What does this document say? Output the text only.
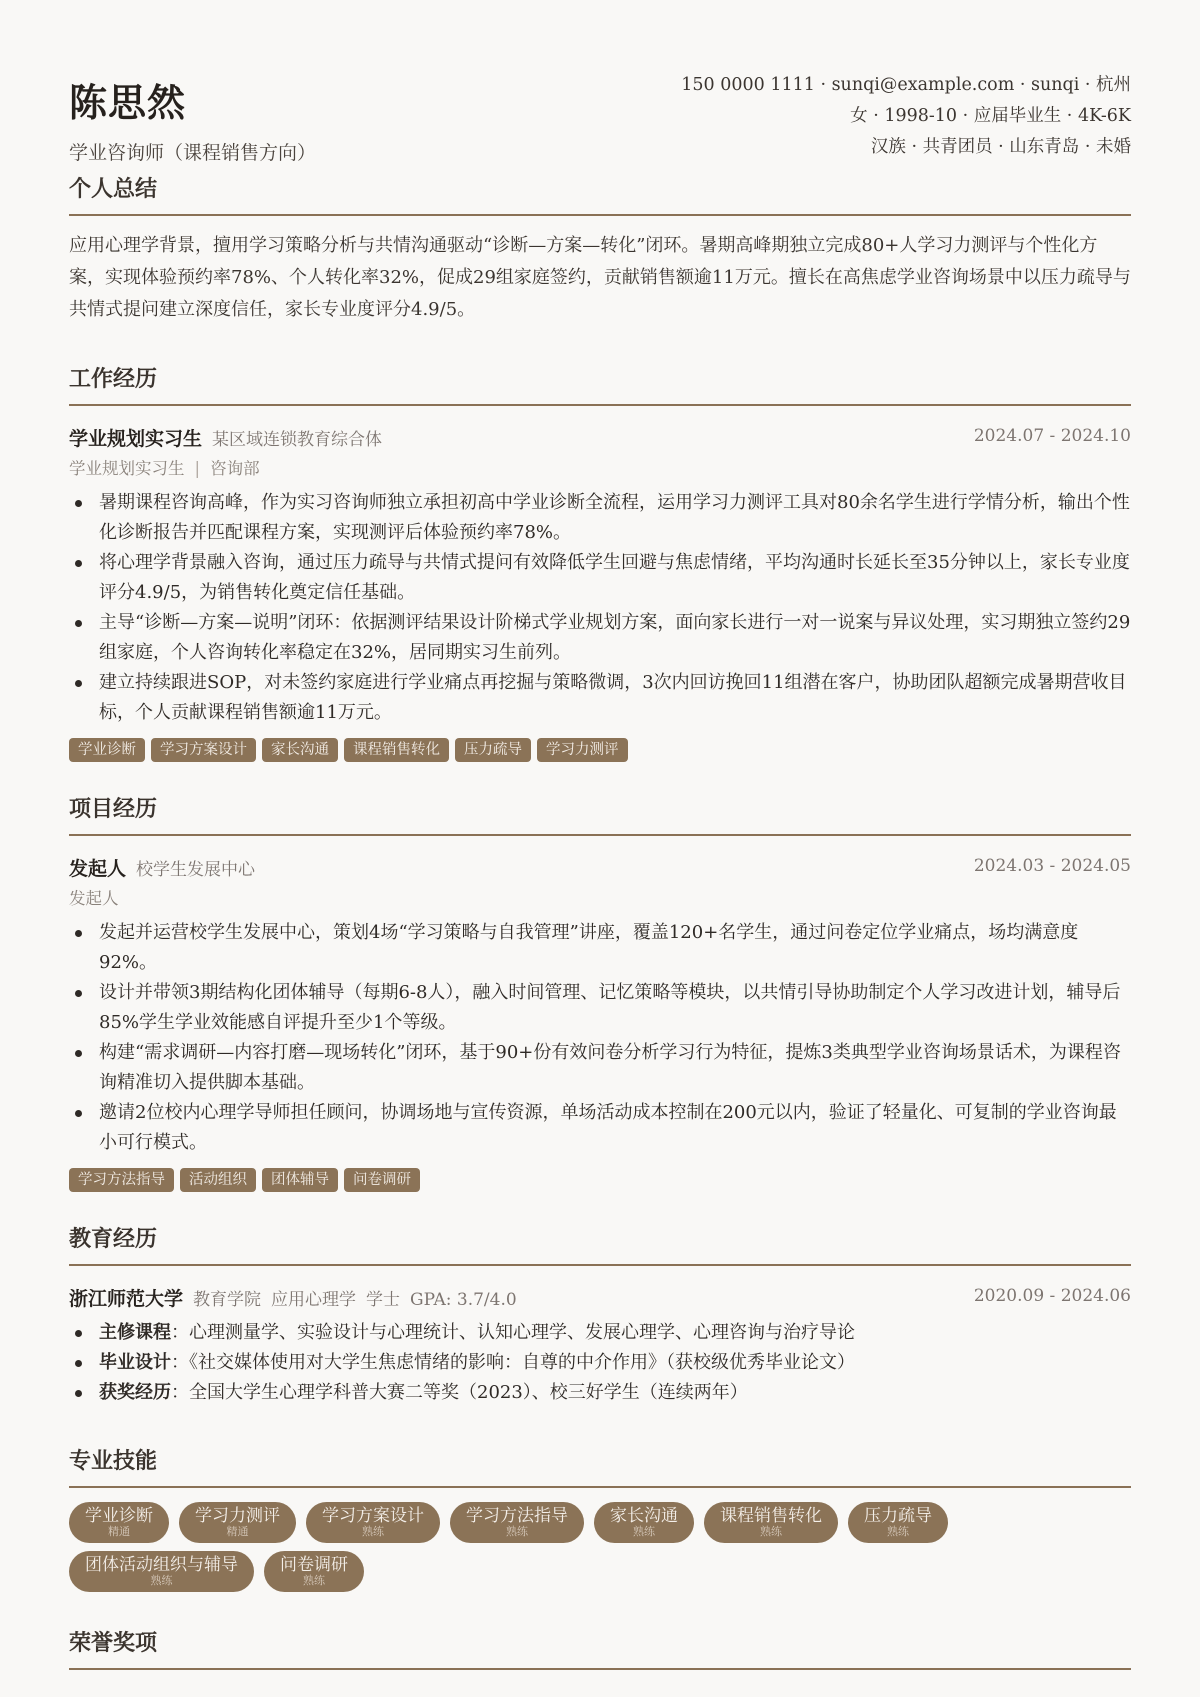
陈思然
学业咨询师（课程销售方向）
150 0000 1111 · sunqi@example.com · sunqi · 杭州
女 · 1998-10 · 应届毕业生 · 4K-6K
汉族 · 共青团员 · 山东青岛 · 未婚
个人总结
应用心理学背景，擅用学习策略分析与共情沟通驱动“诊断—方案—转化”闭环。暑期高峰期独立完成80+人学习力测评与个性化方案，实现体验预约率78%、个人转化率32%，促成29组家庭签约，贡献销售额逾11万元。擅长在高焦虑学业咨询场景中以压力疏导与共情式提问建立深度信任，家长专业度评分4.9/5。
工作经历
学业规划实习生 某区域连锁教育综合体	2024.07 - 2024.10
学业规划实习生 | 咨询部
暑期课程咨询高峰，作为实习咨询师独立承担初高中学业诊断全流程，运用学习力测评工具对80余名学生进行学情分析，输出个性化诊断报告并匹配课程方案，实现测评后体验预约率78%。
将心理学背景融入咨询，通过压力疏导与共情式提问有效降低学生回避与焦虑情绪，平均沟通时长延长至35分钟以上，家长专业度评分4.9/5，为销售转化奠定信任基础。
主导“诊断—方案—说明”闭环：依据测评结果设计阶梯式学业规划方案，面向家长进行一对一说案与异议处理，实习期独立签约29组家庭，个人咨询转化率稳定在32%，居同期实习生前列。
建立持续跟进SOP，对未签约家庭进行学业痛点再挖掘与策略微调，3次内回访挽回11组潜在客户，协助团队超额完成暑期营收目标，个人贡献课程销售额逾11万元。
学业诊断	学习方案设计	家长沟通	课程销售转化	压力疏导	学习力测评
项目经历
发起人 校学生发展中心	2024.03 - 2024.05
发起人
发起并运营校学生发展中心，策划4场“学习策略与自我管理”讲座，覆盖120+名学生，通过问卷定位学业痛点，场均满意度92%。
设计并带领3期结构化团体辅导（每期6-8人），融入时间管理、记忆策略等模块，以共情引导协助制定个人学习改进计划，辅导后85%学生学业效能感自评提升至少1个等级。
构建“需求调研—内容打磨—现场转化”闭环，基于90+份有效问卷分析学习行为特征，提炼3类典型学业咨询场景话术，为课程咨询精准切入提供脚本基础。
邀请2位校内心理学导师担任顾问，协调场地与宣传资源，单场活动成本控制在200元以内，验证了轻量化、可复制的学业咨询最小可行模式。
学习方法指导	活动组织	团体辅导	问卷调研
教育经历
浙江师范大学 教育学院 应用心理学 学士 GPA: 3.7/4.0	2020.09 - 2024.06
主修课程：心理测量学、实验设计与心理统计、认知心理学、发展心理学、心理咨询与治疗导论
毕业设计：《社交媒体使用对大学生焦虑情绪的影响：自尊的中介作用》（获校级优秀毕业论文）
获奖经历：全国大学生心理学科普大赛二等奖（2023）、校三好学生（连续两年）
专业技能
学业诊断
精通
学习力测评
精通
学习方案设计
熟练
学习方法指导
熟练
家长沟通
熟练
课程销售转化
熟练
压力疏导
熟练
团体活动组织与辅导
熟练
问卷调研
熟练
荣誉奖项
